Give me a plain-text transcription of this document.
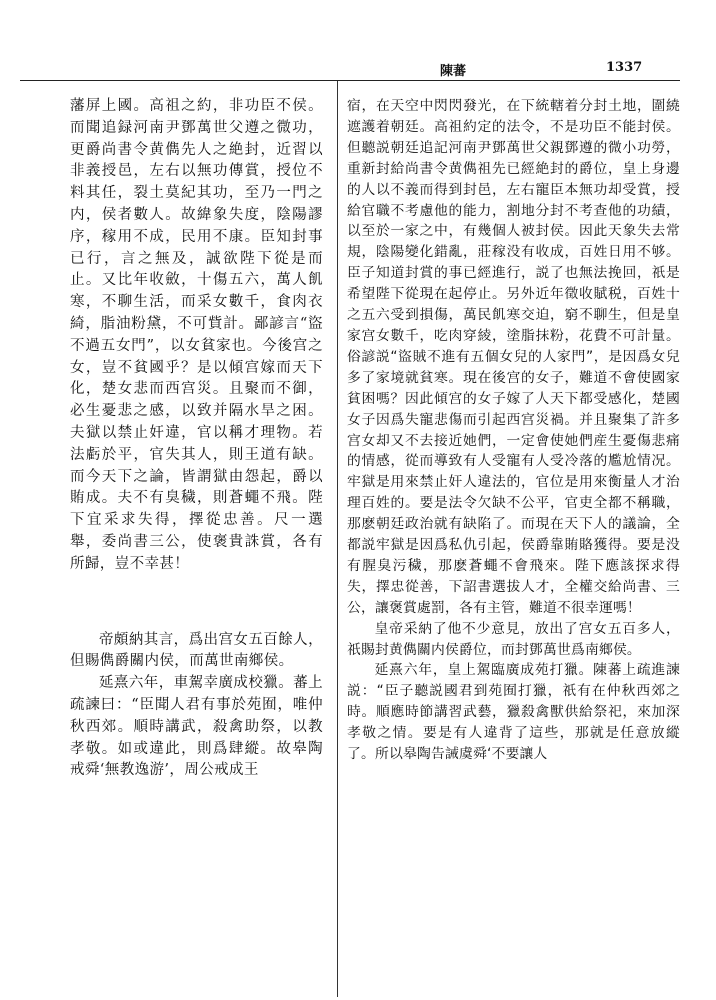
陳蕃	1337

藩屏上國。高祖之約，非功臣不侯。而聞追録河南尹鄧萬世父遵之微功，更爵尚書令黄儁先人之絶封，近習以非義授邑，左右以無功傳賞，授位不料其任，裂土莫紀其功，至乃一門之内，侯者數人。故緯象失度，陰陽謬序，稼用不成，民用不康。臣知封事已行，言之無及，誠欲陛下從是而止。又比年收斂，十傷五六，萬人飢寒，不聊生活，而采女數千，食肉衣綺，脂油粉黛，不可貲計。鄙諺言“盜不過五女門”，以女貧家也。今後宫之女，豈不貧國乎？是以傾宫嫁而天下化，楚女悲而西宫災。且聚而不御，必生憂悲之感，以致并隔水旱之困。夫獄以禁止奸違，官以稱才理物。若法虧於平，官失其人，則王道有缺。而今天下之論，皆謂獄由怨起，爵以賄成。夫不有臭穢，則蒼蠅不飛。陛下宜采求失得，擇從忠善。尺一選舉，委尚書三公，使褒貴誅賞，各有所歸，豈不幸甚！

帝頗納其言，爲出宫女五百餘人，但賜儁爵關内侯，而萬世南鄉侯。

延熹六年，車駕幸廣成校獵。蕃上疏諫曰：“臣聞人君有事於苑囿，唯仲秋西郊。順時講武，殺禽助祭，以教孝敬。如或違此，則爲肆縱。故皋陶戒舜‘無教逸游’，周公戒成王

宿，在天空中閃閃發光，在下統轄着分封土地，圍繞遮護着朝廷。高祖約定的法令，不是功臣不能封侯。但聽説朝廷追記河南尹鄧萬世父親鄧遵的微小功勞，重新封給尚書令黄儁祖先已經絶封的爵位，皇上身邊的人以不義而得到封邑，左右寵臣本無功却受賞，授給官職不考慮他的能力，割地分封不考查他的功績，以至於一家之中，有幾個人被封侯。因此天象失去常規，陰陽變化錯亂，莊稼没有收成，百姓日用不够。臣子知道封賞的事已經進行，説了也無法挽回，祇是希望陛下從現在起停止。另外近年徵收賦税，百姓十之五六受到損傷，萬民飢寒交迫，窮不聊生，但是皇家宫女數千，吃肉穿綾，塗脂抹粉，花費不可計量。俗諺説“盜賊不進有五個女兒的人家門”，是因爲女兒多了家境就貧寒。現在後宫的女子，難道不會使國家貧困嗎？因此傾宫的女子嫁了人天下都受感化，楚國女子因爲失寵悲傷而引起西宫災禍。并且聚集了許多宫女却又不去接近她們，一定會使她們産生憂傷悲痛的情感，從而導致有人受寵有人受冷落的尷尬情况。牢獄是用來禁止奸人違法的，官位是用來衡量人才治理百姓的。要是法令欠缺不公平，官吏全都不稱職，那麽朝廷政治就有缺陷了。而現在天下人的議論，全都説牢獄是因爲私仇引起，侯爵靠賄賂獲得。要是没有腥臭污穢，那麽蒼蠅不會飛來。陛下應該探求得失，擇忠從善，下詔書選拔人才，全權交給尚書、三公，讓褒賞處罰，各有主管，難道不很幸運嗎！

皇帝采納了他不少意見，放出了宫女五百多人，祇賜封黄儁關内侯爵位，而封鄧萬世爲南鄉侯。

延熹六年，皇上駕臨廣成苑打獵。陳蕃上疏進諫説：“臣子聽説國君到苑囿打獵，祇有在仲秋西郊之時。順應時節講習武藝，獵殺禽獸供給祭祀，來加深孝敬之情。要是有人違背了這些，那就是任意放縱了。所以皋陶告誡虞舜‘不要讓人
